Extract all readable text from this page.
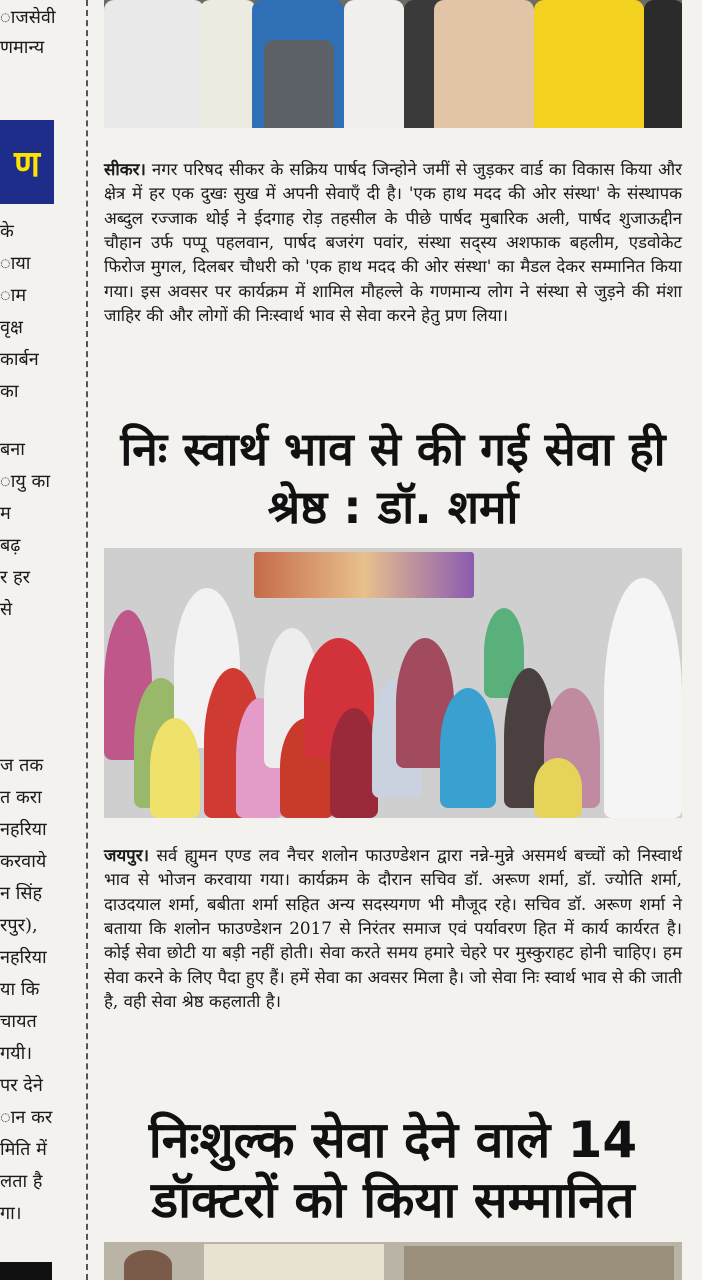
ाजसेवी
णमान्य
ण
के
ाया
ाम
वृक्ष
कार्बन
का
बना
ायु का
म
बढ़
र हर
से
ज तक
त करा
नहरिया
करवाये
न सिंह
रपुर),
नहरिया
या कि
चायत
गयी।
पर देने
ान कर
मिति में
लता है
गा।

सीकर। नगर परिषद सीकर के सक्रिय पार्षद जिन्होने जमीं से जुड़कर वार्ड का विकास किया और क्षेत्र में हर एक दुखः सुख में अपनी सेवाएँ दी है। 'एक हाथ मदद की ओर संस्था' के संस्थापक अब्दुल रज्जाक थोई ने ईदगाह रोड़ तहसील के पीछे पार्षद मुबारिक अली, पार्षद शुजाऊद्दीन चौहान उर्फ पप्पू पहलवान, पार्षद बजरंग पवांर, संस्था सद्स्य अशफाक बहलीम, एडवोकेट फिरोज मुगल, दिलबर चौधरी को 'एक हाथ मदद की ओर संस्था' का मैडल देकर सम्मानित किया गया। इस अवसर पर कार्यक्रम में शामिल मौहल्ले के गणमान्य लोग ने संस्था से जुड़ने की मंशा जाहिर की और लोगों की निःस्वार्थ भाव से सेवा करने हेतु प्रण लिया।

निः स्वार्थ भाव से की गई सेवा ही
श्रेष्ठ : डॉ. शर्मा

जयपुर। सर्व ह्युमन एण्ड लव नैचर शलोन फाउण्डेशन द्वारा नन्ने-मुन्ने असमर्थ बच्चों को निस्वार्थ भाव से भोजन करवाया गया। कार्यक्रम के दौरान सचिव डॉ. अरूण शर्मा, डॉ. ज्योति शर्मा, दाउदयाल शर्मा, बबीता शर्मा सहित अन्य सदस्यगण भी मौजूद रहे। सचिव डॉ. अरूण शर्मा ने बताया कि शलोन फाउण्डेशन 2017 से निरंतर समाज एवं पर्यावरण हित में कार्य कार्यरत है। कोई सेवा छोटी या बड़ी नहीं होती। सेवा करते समय हमारे चेहरे पर मुस्कुराहट होनी चाहिए। हम सेवा करने के लिए पैदा हुए हैं। हमें सेवा का अवसर मिला है। जो सेवा निः स्वार्थ भाव से की जाती है, वही सेवा श्रेष्ठ कहलाती है।

निःशुल्क सेवा देने वाले 14
डॉक्टरों को किया सम्मानित
